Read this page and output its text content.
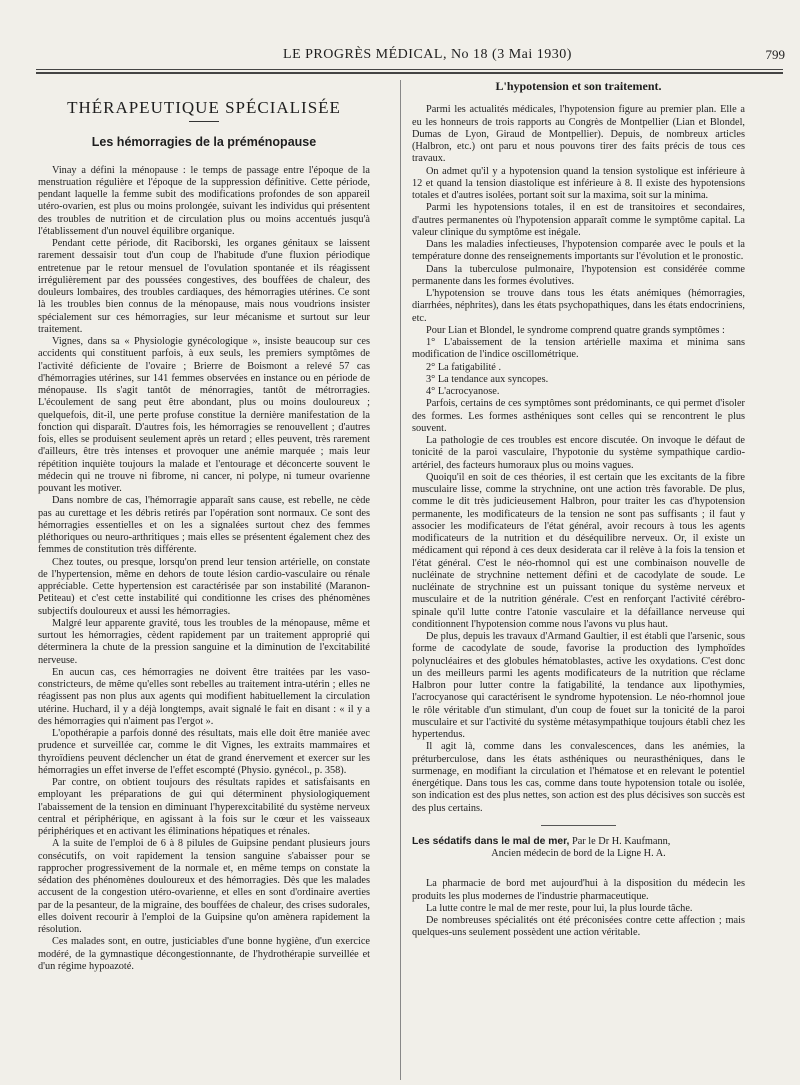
LE PROGRÈS MÉDICAL, No 18 (3 Mai 1930)	799
THÉRAPEUTIQUE SPÉCIALISÉE
Les hémorragies de la préménopause

Vinay a défini la ménopause : le temps de passage entre l'époque de la menstruation régulière et l'époque de la suppression définitive. Cette période, pendant laquelle la femme subit des modifications profondes de son appareil utéro-ovarien, est plus ou moins prolongée, suivant les individus qui présentent des troubles de nutrition et de circulation plus ou moins accentués jusqu'à l'établissement d'un nouvel équilibre organique.

Pendant cette période, dit Raciborski, les organes génitaux se laissent rarement dessaisir tout d'un coup de l'habitude d'une fluxion périodique entretenue par le retour mensuel de l'ovulation spontanée et ils réagissent irrégulièrement par des poussées congestives, des bouffées de chaleur, des douleurs lombaires, des troubles cardiaques, des hémorragies utérines. Ce sont là les troubles bien connus de la ménopause, mais nous voudrions insister spécialement sur ces hémorragies, sur leur mécanisme et surtout sur leur traitement.

Vignes, dans sa « Physiologie gynécologique », insiste beaucoup sur ces accidents qui constituent parfois, à eux seuls, les premiers symptômes de l'activité déficiente de l'ovaire ; Brierre de Boismont a relevé 57 cas d'hémorragies utérines, sur 141 femmes observées en instance ou en période de ménopause. Ils s'agit tantôt de ménorragies, tantôt de métrorragies. L'écoulement de sang peut être abondant, plus ou moins douloureux ; quelquefois, dit-il, une perte profuse constitue la dernière manifestation de la fonction qui disparaît. D'autres fois, les hémorragies se renouvellent ; d'autres fois, elles se produisent seulement après un retard ; elles peuvent, très rarement d'ailleurs, être très intenses et provoquer une anémie marquée ; mais leur répétition inquiète toujours la malade et l'entourage et déconcerte souvent le médecin qui ne trouve ni fibrome, ni cancer, ni polype, ni tumeur ovarienne pouvant les motiver.

Dans nombre de cas, l'hémorragie apparaît sans cause, est rebelle, ne cède pas au curettage et les débris retirés par l'opération sont normaux. Ce sont des hémorragies essentielles et on les a signalées surtout chez des femmes pléthoriques ou neuro-arthritiques ; mais elles se présentent également chez des femmes de constitution très différente.

Chez toutes, ou presque, lorsqu'on prend leur tension artérielle, on constate de l'hypertension, même en dehors de toute lésion cardio-vasculaire ou rénale appréciable. Cette hypertension est caractérisée par son instabilité (Maranon-Petiteau) et c'est cette instabilité qui conditionne les crises des phénomènes subjectifs douloureux et aussi les hémorragies.

Malgré leur apparente gravité, tous les troubles de la ménopause, même et surtout les hémorragies, cèdent rapidement par un traitement approprié qui déterminera la chute de la pression sanguine et la diminution de l'excitabilité nerveuse.

En aucun cas, ces hémorragies ne doivent être traitées par les vaso-constricteurs, de même qu'elles sont rebelles au traitement intra-utérin ; elles ne réagissent pas non plus aux agents qui modifient habituellement la circulation utérine. Huchard, il y a déjà longtemps, avait signalé le fait en disant : « il y a des hémorragies qui n'aiment pas l'ergot ».

L'opothérapie a parfois donné des résultats, mais elle doit être maniée avec prudence et surveillée car, comme le dit Vignes, les extraits mammaires et thyroïdiens peuvent déclencher un état de grand énervement et exercer sur les hémorragies un effet inverse de l'effet escompté (Physio. gynécol., p. 358).

Par contre, on obtient toujours des résultats rapides et satisfaisants en employant les préparations de gui qui déterminent physiologiquement l'abaissement de la tension en diminuant l'hyperexcitabilité du système nerveux central et périphérique, en agissant à la fois sur le cœur et les vaisseaux périphériques et en activant les éliminations hépatiques et rénales.

A la suite de l'emploi de 6 à 8 pilules de Guipsine pendant plusieurs jours consécutifs, on voit rapidement la tension sanguine s'abaisser pour se rapprocher progressivement de la normale et, en même temps on constate la sédation des phénomènes douloureux et des hémorragies. Dès que les malades accusent de la congestion utéro-ovarienne, et elles en sont d'ordinaire averties par de la pesanteur, de la migraine, des bouffées de chaleur, des crises sudorales, elles doivent recourir à l'emploi de la Guipsine qu'on amènera rapidement la résolution.

Ces malades sont, en outre, justiciables d'une bonne hygiène, d'un exercice modéré, de la gymnastique décongestionnante, de l'hydrothérapie surveillée et d'un régime hypoazoté.

L'hypotension et son traitement.

Parmi les actualités médicales, l'hypotension figure au premier plan. Elle a eu les honneurs de trois rapports au Congrès de Montpellier (Lian et Blondel, Dumas de Lyon, Giraud de Montpellier). Depuis, de nombreux articles (Halbron, etc.) ont paru et nous pouvons tirer des faits précis de tous ces travaux.

On admet qu'il y a hypotension quand la tension systolique est inférieure à 12 et quand la tension diastolique est inférieure à 8. Il existe des hypotensions totales et d'autres isolées, portant soit sur la maxima, soit sur la minima.

Parmi les hypotensions totales, il en est de transitoires et secondaires, d'autres permanentes où l'hypotension apparaît comme le symptôme capital. La valeur clinique du symptôme est inégale.

Dans les maladies infectieuses, l'hypotension comparée avec le pouls et la température donne des renseignements importants sur l'évolution et le pronostic.

Dans la tuberculose pulmonaire, l'hypotension est considérée comme permanente dans les formes évolutives.

L'hypotension se trouve dans tous les états anémiques (hémorragies, diarrhées, néphrites), dans les états psychopathiques, dans les états endocriniens, etc.

Pour Lian et Blondel, le syndrome comprend quatre grands symptômes :

1° L'abaissement de la tension artérielle maxima et minima sans modification de l'indice oscillométrique.

2° La fatigabilité .

3° La tendance aux syncopes.

4° L'acrocyanose.

Parfois, certains de ces symptômes sont prédominants, ce qui permet d'isoler des formes. Les formes asthéniques sont celles qui se rencontrent le plus souvent.

La pathologie de ces troubles est encore discutée. On invoque le défaut de tonicité de la paroi vasculaire, l'hypotonie du système sympathique cardio-artériel, des facteurs humoraux plus ou moins vagues.

Quoiqu'il en soit de ces théories, il est certain que les excitants de la fibre musculaire lisse, comme la strychnine, ont une action très favorable. De plus, comme le dit très judicieusement Halbron, pour traiter les cas d'hypotension permanente, les modificateurs de la tension ne sont pas suffisants ; il faut y associer les modificateurs de l'état général, avoir recours à tous les agents modificateurs de la nutrition et du déséquilibre nerveux. Or, il existe un médicament qui répond à ces deux desiderata car il relève à la fois la tension et l'état général. C'est le néo-rhomnol qui est une combinaison nouvelle de nucléinate de strychnine nettement défini et de cacodylate de soude. Le nucléinate de strychnine est un puissant tonique du système nerveux et musculaire et de la nutrition générale. C'est en renforçant l'activité cérébro-spinale qu'il lutte contre l'atonie vasculaire et la défaillance nerveuse qui conditionnent l'hypotension comme nous l'avons vu plus haut.

De plus, depuis les travaux d'Armand Gaultier, il est établi que l'arsenic, sous forme de cacodylate de soude, favorise la production des lymphoïdes polynucléaires et des globules hématoblastes, active les oxydations. C'est donc un des meilleurs parmi les agents modificateurs de la nutrition que réclame Halbron pour lutter contre la fatigabilité, la tendance aux lipothymies, l'acrocyanose qui caractérisent le syndrome hypotension. Le néo-rhomnol joue le rôle véritable d'un stimulant, d'un coup de fouet sur la tonicité de la paroi musculaire et sur l'activité du système métasympathique toujours établi chez les hypertendus.

Il agit là, comme dans les convalescences, dans les anémies, la préturberculose, dans les états asthéniques ou neurasthéniques, dans le surmenage, en modifiant la circulation et l'hématose et en relevant le potentiel énergétique. Dans tous les cas, comme dans toute hypotension totale ou isolée, son indication est des plus nettes, son action est des plus décisives son succès est des plus certains.

Les sédatifs dans le mal de mer, Par le Dr H. Kaufmann,

Ancien médecin de bord de la Ligne H. A.

La pharmacie de bord met aujourd'hui à la disposition du médecin les produits les plus modernes de l'industrie pharmaceutique.

La lutte contre le mal de mer reste, pour lui, la plus lourde tâche.

De nombreuses spécialités ont été préconisées contre cette affection ; mais quelques-uns seulement possèdent une action véritable.
